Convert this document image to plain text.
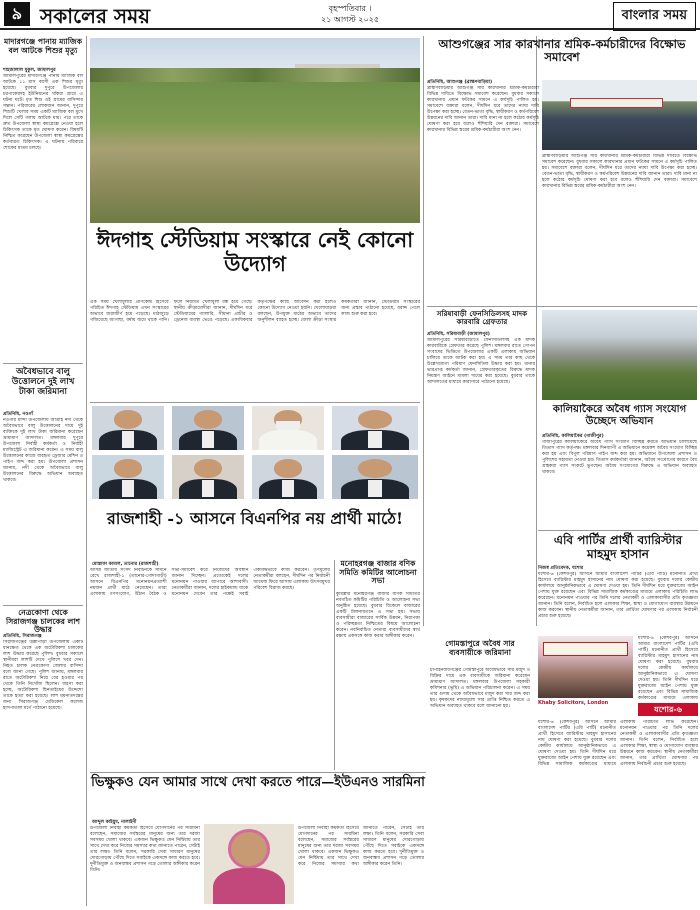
৯ সকালের সময়	বৃহস্পতিবার ।
২১ আগস্ট ২০২৫	বাংলার সময়
মাদারগঞ্জে পানায় ম্যাজিক বল আটকে শিশুর মৃত্যু
শাহজালাল মুকুল, জামালপুর
জামালপুরের মাদারগঞ্জে পানায় ম্যাজিক বল আটকে ১১ মাস বয়সী এক শিশুর মৃত্যু হয়েছে। বুধবার দুপুরে উপজেলার চরপাকেরদহ ইউনিয়নের খাঁকরা গ্রামে এ ঘটনা ঘটে। মৃত শিশু ওই গ্রামের বাসিন্দার সন্তান। পরিবারের লোকজন জানান, দুপুরে শিশুটি খেলার সময় একটি ম্যাজিক বল মুখে দিলে সেটি গলায় আটকে যায়। পরে তাকে দ্রুত উপজেলা স্বাস্থ্য কমপ্লেক্সে নেওয়া হলে চিকিৎসক তাকে মৃত ঘোষণা করেন। বিষয়টি নিশ্চিত করেছেন উপজেলা স্বাস্থ্য কমপ্লেক্সের কর্তব্যরত চিকিৎসক। এ ঘটনায় পরিবারে শোকের মাতম চলছে।
অবৈধভাবে বালু উত্তোলনে দুই লাখ টাকা জরিমানা
প্রতিনিধি, নওগাঁ
নওগাঁর মান্দা উপজেলায় আত্রাই নদী থেকে অবৈধভাবে বালু উত্তোলনের দায়ে দুই ব্যক্তিকে দুই লাখ টাকা জরিমানা করেছেন ভ্রাম্যমাণ আদালত। মঙ্গলবার দুপুরে উপজেলা নির্বাহী কর্মকর্তা ও নির্বাহী ম্যাজিস্ট্রেট এ জরিমানা করেন। এ সময় বালু উত্তোলনের কাজে ব্যবহৃত ড্রেজার মেশিন ও পাইপ জব্দ করা হয়। উপজেলা প্রশাসন জানায়, নদী থেকে অবৈধভাবে বালু উত্তোলনের বিরুদ্ধে অভিযান অব্যাহত থাকবে।
নেত্রকোণা থেকে সিরাজগঞ্জ চালকের লাশ উদ্ধার
প্রতিনিধি, সিরাজগঞ্জ
সিরাজগঞ্জের উল্লাপাড়া উপজেলায় একটি ধানক্ষেত থেকে এক অটোরিকশা চালকের লাশ উদ্ধার করেছে পুলিশ। বুধবার সকালে স্থানীয়রা লাশটি দেখে পুলিশে খবর দেন। নিহত চালক নেত্রকোণা জেলার বাসিন্দা বলে জানা গেছে। পুলিশ জানায়, মঙ্গলবার রাতে অটোরিকশা নিয়ে বের হওয়ার পর থেকে তিনি নিখোঁজ ছিলেন। ধারণা করা হচ্ছে, অটোরিকশা ছিনতাইয়ের উদ্দেশ্যে তাকে হত্যা করা হয়েছে। লাশ ময়নাতদন্তের জন্য সিরাজগঞ্জ মেডিকেল কলেজ হাসপাতাল মর্গে পাঠানো হয়েছে।
ঈদগাহ স্টেডিয়াম সংস্কারে নেই কোনো উদ্যোগ
এক সময় খেলাধুলার প্রাণকেন্দ্র হিসেবে পরিচিত ঈদগাহ স্টেডিয়াম এখন সংস্কারের অভাবে জরাজীর্ণ হয়ে পড়েছে। মাঠজুড়ে গজিয়েছে আগাছা, বর্ষায় জমে থাকে পানি। ফলে নিয়মিত খেলাধুলা বন্ধ হয়ে গেছে। স্থানীয় ক্রীড়ামোদীরা জানান, দীর্ঘদিন ধরে স্টেডিয়ামের গ্যালারি, সীমানা প্রাচীর ও ড্রেনেজ ব্যবস্থা ভেঙে পড়েছে। একাধিকবার কর্তৃপক্ষের কাছে আবেদন করা হলেও কোনো উদ্যোগ নেওয়া হয়নি। খেলোয়াড়রা বলছেন, উপযুক্ত মাঠের অভাবে তাদের অনুশীলন ব্যাহত হচ্ছে। জেলা ক্রীড়া সংস্থার কর্মকর্তারা জানান, স্টেডিয়াম সংস্কারের জন্য প্রস্তাব পাঠানো হয়েছে, বরাদ্দ পেলে কাজ শুরু করা হবে।
রাজশাহী -১ আসনে বিএনপির নয় প্রার্থী মাঠে!
মোস্তাফা কামাল, তানোর (রাজশাহী)
আসন্ন জাতীয় সংসদ নির্বাচনকে সামনে রেখে রাজশাহী-১ (তানোর-গোদাগাড়ী) আসনে বিএনপির মনোনয়নপ্রত্যাশী নয়জন প্রার্থী মাঠে নেমেছেন। তারা এলাকায় গণসংযোগ, উঠান বৈঠক ও সভা-সমাবেশ করে নিজেদের অবস্থান জানান দিচ্ছেন। প্রত্যেকেই দলের মনোনয়ন পাওয়ার ব্যাপারে আশাবাদী। নেতাকর্মীরা জানান, দলের হাইকমান্ড যাকে মনোনয়ন দেবেন তার পক্ষেই সবাই ঐক্যবদ্ধভাবে কাজ করবেন। তৃণমূলের নেতাকর্মীরা বলছেন, দীর্ঘদিন পর নির্বাচনী আমেজ ফিরে আসায় এলাকায় উৎসবমুখর পরিবেশ বিরাজ করছে।
মনোহরগঞ্জ বাজার বণিক সমিতি কমিটির আলোচনা সভা
কুমিল্লার মনোহরগঞ্জ বাজার বণিক সমিতির নবগঠিত কমিটির পরিচিতি ও আলোচনা সভা অনুষ্ঠিত হয়েছে। বুধবার বিকেলে বাজারের একটি মিলনায়তনে এ সভা হয়। সভায় ব্যবসায়ীরা বাজারের সার্বিক উন্নয়ন, নিরাপত্তা ও পরিচ্ছন্নতা নিশ্চিতের বিষয়ে আলোচনা করেন। নবনির্বাচিত নেতারা ব্যবসায়ীদের স্বার্থ রক্ষায় একসঙ্গে কাজ করার অঙ্গীকার করেন।
গোমস্তাপুরে অবৈধ সার ব্যবসায়ীকে জরিমানা
চাঁপাইনবাবগঞ্জের গোমস্তাপুরে অবৈধভাবে সার মজুদ ও বিক্রির দায়ে এক ব্যবসায়ীকে জরিমানা করেছেন ভ্রাম্যমাণ আদালত। মঙ্গলবার উপজেলা সহকারী কমিশনার (ভূমি) এ অভিযান পরিচালনা করেন। এ সময় তার গুদাম থেকে অবৈধভাবে মজুদ করা সার জব্দ করা হয়। কৃষকদের ন্যায্যমূল্যে সার প্রাপ্তি নিশ্চিত করতে এ অভিযান অব্যাহত থাকবে বলে জানানো হয়।
ভিক্ষুকও যেন আমার সাথে দেখা করতে পারে—ইউএনও সারমিনা
আব্দুল কাইয়ুম, নালাইনী
উপজেলা নির্বাহী কর্মকর্তা হিসেবে যোগদানের পর সারমিনা বলেছেন, সমাজের সর্বস্তরের মানুষের জন্য তার দরজা সবসময় খোলা থাকবে। একজন ভিক্ষুকও যেন নির্দ্বিধায় তার সাথে দেখা করে নিজের সমস্যার কথা জানাতে পারেন, সেটাই তার লক্ষ্য। তিনি বলেন, সরকারি সেবা সাধারণ মানুষের দোরগোড়ায় পৌঁছে দিতে সবাইকে একসঙ্গে কাজ করতে হবে। দুর্নীতিমুক্ত ও জনবান্ধব প্রশাসন গড়ে তোলার অঙ্গীকার করেন তিনি।
উপজেলা নির্বাহী কর্মকর্তা হিসেবে যোগদানের পর সারমিনা বলেছেন, সমাজের সর্বস্তরের মানুষের জন্য তার দরজা সবসময় খোলা থাকবে। একজন ভিক্ষুকও যেন নির্দ্বিধায় তার সাথে দেখা করে নিজের সমস্যার কথা জানাতে পারেন, সেটাই তার লক্ষ্য। তিনি বলেন, সরকারি সেবা সাধারণ মানুষের দোরগোড়ায় পৌঁছে দিতে সবাইকে একসঙ্গে কাজ করতে হবে। দুর্নীতিমুক্ত ও জনবান্ধব প্রশাসন গড়ে তোলার অঙ্গীকার করেন তিনি।
আশুগঞ্জের সার কারখানার শ্রমিক-কর্মচারীদের বিক্ষোভ সমাবেশ
প্রতিনিধি, আশুগঞ্জ (ব্রাহ্মণবাড়িয়া)
ব্রাহ্মণবাড়িয়ার আশুগঞ্জ সার কারখানার শ্রমিক-কর্মচারীরা বিভিন্ন দাবিতে বিক্ষোভ সমাবেশ করেছেন। বুধবার সকালে কারখানার প্রধান ফটকের সামনে এ কর্মসূচি পালিত হয়। সমাবেশে বক্তারা বলেন, দীর্ঘদিন ধরে তাদের ন্যায্য দাবি উপেক্ষা করা হচ্ছে। বেতন-ভাতা বৃদ্ধি, স্থায়ীকরণ ও কর্মপরিবেশ উন্নয়নের দাবি জানান তারা। দাবি মানা না হলে কঠোর কর্মসূচি ঘোষণা করা হবে বলেও হুঁশিয়ারি দেন বক্তারা। সমাবেশে কারখানার বিভিন্ন স্তরের শ্রমিক-কর্মচারীরা অংশ নেন।
ব্রাহ্মণবাড়িয়ার আশুগঞ্জ সার কারখানার শ্রমিক-কর্মচারীরা বিভিন্ন দাবিতে বিক্ষোভ সমাবেশ করেছেন। বুধবার সকালে কারখানার প্রধান ফটকের সামনে এ কর্মসূচি পালিত হয়। সমাবেশে বক্তারা বলেন, দীর্ঘদিন ধরে তাদের ন্যায্য দাবি উপেক্ষা করা হচ্ছে। বেতন-ভাতা বৃদ্ধি, স্থায়ীকরণ ও কর্মপরিবেশ উন্নয়নের দাবি জানান তারা। দাবি মানা না হলে কঠোর কর্মসূচি ঘোষণা করা হবে বলেও হুঁশিয়ারি দেন বক্তারা। সমাবেশে কারখানার বিভিন্ন স্তরের শ্রমিক-কর্মচারীরা অংশ নেন।
সরিষাবাড়ী ফেনসিডিলসহ মাদক কারবারি গ্রেফতার
প্রতিনিধি, সরিষাবাড়ী (জামালপুর)
জামালপুরের সরিষাবাড়ীতে ফেনসিডিলসহ এক মাদক কারবারিকে গ্রেফতার করেছে পুলিশ। মঙ্গলবার রাতে গোপন সংবাদের ভিত্তিতে উপজেলার একটি এলাকায় অভিযান চালিয়ে তাকে আটক করা হয়। এ সময় তার কাছ থেকে উল্লেখযোগ্য পরিমাণ ফেনসিডিল উদ্ধার করা হয়। থানার ভারপ্রাপ্ত কর্মকর্তা জানান, গ্রেফতারকৃতের বিরুদ্ধে মাদক নিয়ন্ত্রণ আইনে মামলা দায়ের করা হয়েছে। বুধবার তাকে আদালতের মাধ্যমে কারাগারে পাঠানো হয়েছে।
কালিয়াকৈরে অবৈধ গ্যাস সংযোগ উচ্ছেদে অভিযান
প্রতিনিধি, কালিয়াকৈর (গাজীপুর)
গাজীপুরের কালিয়াকৈরে অবৈধ গ্যাস সংযোগ বিচ্ছিন্ন করতে অভিযান চালিয়েছে তিতাস গ্যাস কর্তৃপক্ষ। মঙ্গলবার দিনব্যাপী এ অভিযানে কয়েকশ অবৈধ সংযোগ বিচ্ছিন্ন করা হয় এবং বিপুল পরিমাণ পাইপ জব্দ করা হয়। অভিযানে উপজেলা প্রশাসন ও পুলিশের সহায়তা নেওয়া হয়। তিতাস কর্মকর্তারা জানান, অবৈধ সংযোগের কারণে বৈধ গ্রাহকরা গ্যাস সংকটে ভুগছেন। অবৈধ সংযোগের বিরুদ্ধে এ অভিযান অব্যাহত থাকবে।
এবি পার্টির প্রার্থী ব্যারিস্টার মাহমুদ হাসান
নিজস্ব প্রতিবেদক, যশোর
যশোর-৬ (কেশবপুর) আসনে আমার বাংলাদেশ পার্টির (এবি পার্টি) মনোনীত প্রার্থী হিসেবে ব্যারিস্টার মাহমুদ হাসানের নাম ঘোষণা করা হয়েছে। বুধবার দলের কেন্দ্রীয় কার্যালয়ে আনুষ্ঠানিকভাবে এ ঘোষণা দেওয়া হয়। তিনি দীর্ঘদিন ধরে যুক্তরাজ্যে আইন পেশায় যুক্ত রয়েছেন এবং বিভিন্ন সামাজিক কর্মকাণ্ডের মাধ্যমে এলাকায় পরিচিতি লাভ করেছেন। মনোনয়ন পাওয়ার পর তিনি দলের নেতাকর্মী ও এলাকাবাসীর প্রতি কৃতজ্ঞতা জানান। তিনি বলেন, নির্বাচিত হলে এলাকার শিক্ষা, স্বাস্থ্য ও যোগাযোগ ব্যবস্থার উন্নয়নে কাজ করবেন। স্থানীয় নেতাকর্মীরা জানান, তার প্রার্থিতা ঘোষণার পর এলাকায় নির্বাচনী প্রচার শুরু হয়েছে।
Khaby Solicitors, London
যশোর-৬
যশোর-৬ (কেশবপুর) আসনে আমার বাংলাদেশ পার্টির (এবি পার্টি) মনোনীত প্রার্থী হিসেবে ব্যারিস্টার মাহমুদ হাসানের নাম ঘোষণা করা হয়েছে। বুধবার দলের কেন্দ্রীয় কার্যালয়ে আনুষ্ঠানিকভাবে এ ঘোষণা দেওয়া হয়। তিনি দীর্ঘদিন ধরে যুক্তরাজ্যে আইন পেশায় যুক্ত রয়েছেন এবং বিভিন্ন সামাজিক কর্মকাণ্ডের মাধ্যমে এলাকায়
যশোর-৬ (কেশবপুর) আসনে আমার বাংলাদেশ পার্টির (এবি পার্টি) মনোনীত প্রার্থী হিসেবে ব্যারিস্টার মাহমুদ হাসানের নাম ঘোষণা করা হয়েছে। বুধবার দলের কেন্দ্রীয় কার্যালয়ে আনুষ্ঠানিকভাবে এ ঘোষণা দেওয়া হয়। তিনি দীর্ঘদিন ধরে যুক্তরাজ্যে আইন পেশায় যুক্ত রয়েছেন এবং বিভিন্ন সামাজিক কর্মকাণ্ডের মাধ্যমে এলাকায় পরিচিতি লাভ করেছেন। মনোনয়ন পাওয়ার পর তিনি দলের নেতাকর্মী ও এলাকাবাসীর প্রতি কৃতজ্ঞতা জানান। তিনি বলেন, নির্বাচিত হলে এলাকার শিক্ষা, স্বাস্থ্য ও যোগাযোগ ব্যবস্থার উন্নয়নে কাজ করবেন। স্থানীয় নেতাকর্মীরা জানান, তার প্রার্থিতা ঘোষণার পর এলাকায় নির্বাচনী প্রচার শুরু হয়েছে।
